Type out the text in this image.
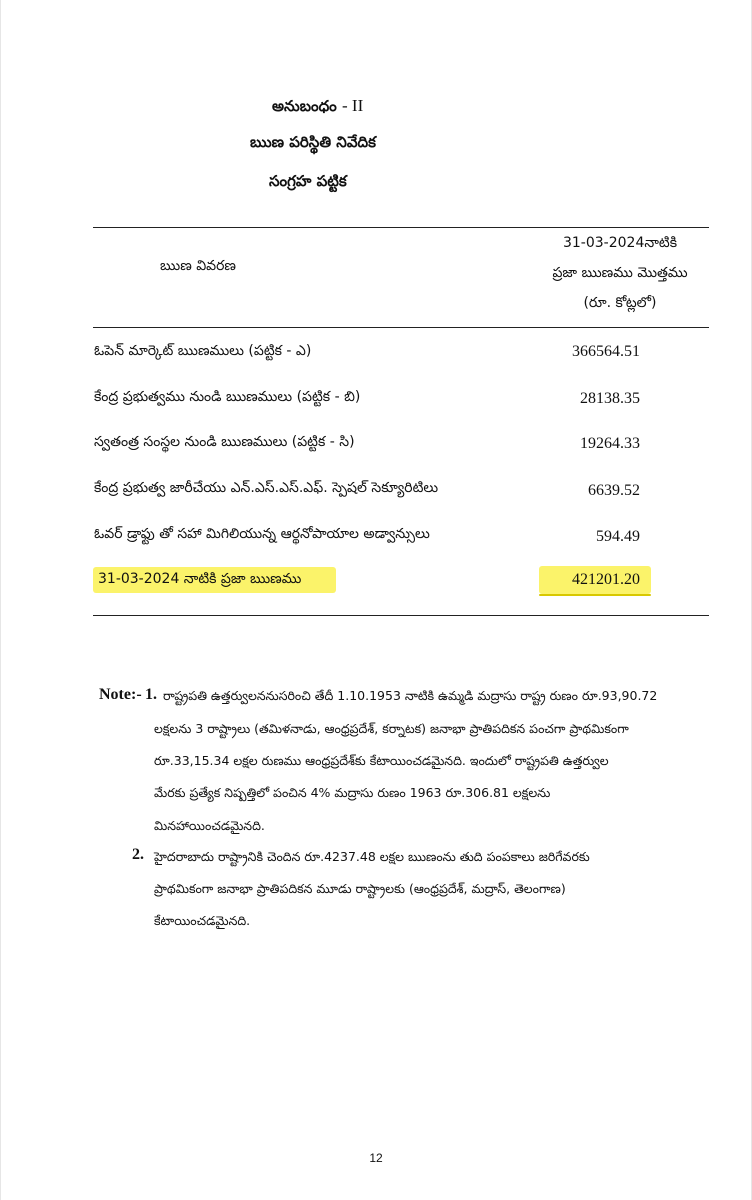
అనుబంధం - II
ఋణ పరిస్థితి నివేదిక
సంగ్రహ పట్టిక
ఋణ వివరణ
31-03-2024నాటికి
ప్రజా ఋణము మొత్తము
(రూ. కోట్లలో)
ఓపెన్ మార్కెట్ ఋణములు (పట్టిక - ఎ)	366564.51
కేంద్ర ప్రభుత్వము నుండి ఋణములు (పట్టిక - బి)	28138.35
స్వతంత్ర సంస్థల నుండి ఋణములు (పట్టిక - సి)	19264.33
కేంద్ర ప్రభుత్వ జారీచేయు ఎన్.ఎస్.ఎస్.ఎఫ్. స్పెషల్ సెక్యూరిటిలు	6639.52
ఓవర్ డ్రాఫ్టు తో సహా మిగిలియున్న ఆర్థనోపాయాల అడ్వాన్సులు	594.49
31-03-2024 నాటికి ప్రజా ఋణము	421201.20
Note:- 1. రాష్ట్రపతి ఉత్తర్వులననుసరించి తేదీ 1.10.1953 నాటికి ఉమ్మడి మద్రాసు రాష్ట్ర రుణం రూ.93,90.72
లక్షలను 3 రాష్ట్రాలు (తమిళనాడు, ఆంధ్రప్రదేశ్, కర్నాటక) జనాభా ప్రాతిపదికన పంచగా ప్రాథమికంగా
రూ.33,15.34 లక్షల రుణము ఆంధ్రప్రదేశ్‌కు కేటాయించడమైనది. ఇందులో రాష్ట్రపతి ఉత్తర్వుల
మేరకు ప్రత్యేక నిష్పత్తిలో పంచిన 4% మద్రాసు రుణం 1963 రూ.306.81 లక్షలను
మినహాయించడమైనది.
2. హైదరాబాదు రాష్ట్రానికి చెందిన రూ.4237.48 లక్షల ఋణంను తుది పంపకాలు జరిగేవరకు
ప్రాథమికంగా జనాభా ప్రాతిపదికన మూడు రాష్ట్రాలకు (ఆంధ్రప్రదేశ్, మద్రాస్, తెలంగాణ)
కేటాయించడమైనది.
12
